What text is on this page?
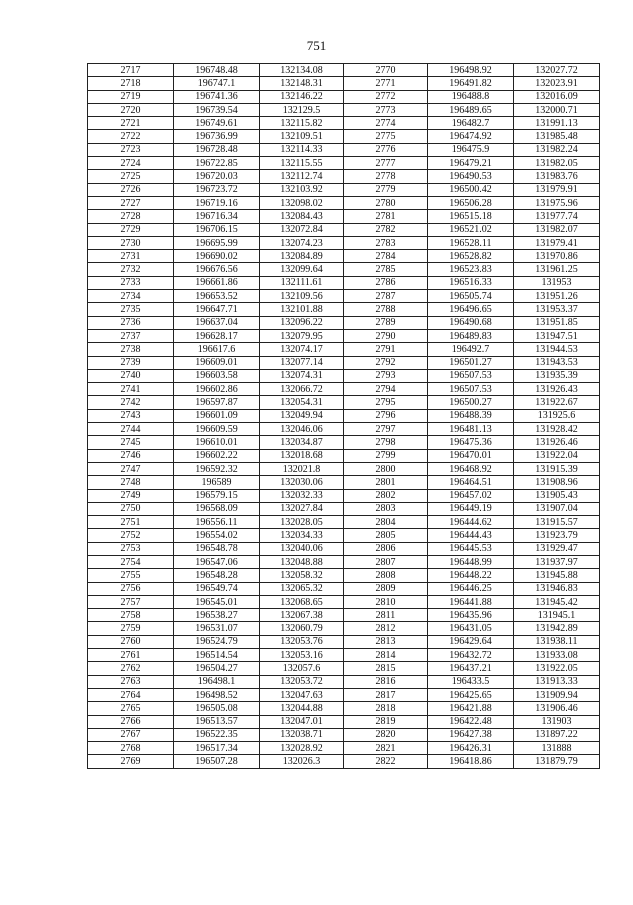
751
2717	196748.48	132134.08	2770	196498.92	132027.72
2718	196747.1	132148.31	2771	196491.82	132023.91
2719	196741.36	132146.22	2772	196488.8	132016.09
2720	196739.54	132129.5	2773	196489.65	132000.71
2721	196749.61	132115.82	2774	196482.7	131991.13
2722	196736.99	132109.51	2775	196474.92	131985.48
2723	196728.48	132114.33	2776	196475.9	131982.24
2724	196722.85	132115.55	2777	196479.21	131982.05
2725	196720.03	132112.74	2778	196490.53	131983.76
2726	196723.72	132103.92	2779	196500.42	131979.91
2727	196719.16	132098.02	2780	196506.28	131975.96
2728	196716.34	132084.43	2781	196515.18	131977.74
2729	196706.15	132072.84	2782	196521.02	131982.07
2730	196695.99	132074.23	2783	196528.11	131979.41
2731	196690.02	132084.89	2784	196528.82	131970.86
2732	196676.56	132099.64	2785	196523.83	131961.25
2733	196661.86	132111.61	2786	196516.33	131953
2734	196653.52	132109.56	2787	196505.74	131951.26
2735	196647.71	132101.88	2788	196496.65	131953.37
2736	196637.04	132096.22	2789	196490.68	131951.85
2737	196628.17	132079.95	2790	196489.83	131947.51
2738	196617.6	132074.17	2791	196492.7	131944.53
2739	196609.01	132077.14	2792	196501.27	131943.53
2740	196603.58	132074.31	2793	196507.53	131935.39
2741	196602.86	132066.72	2794	196507.53	131926.43
2742	196597.87	132054.31	2795	196500.27	131922.67
2743	196601.09	132049.94	2796	196488.39	131925.6
2744	196609.59	132046.06	2797	196481.13	131928.42
2745	196610.01	132034.87	2798	196475.36	131926.46
2746	196602.22	132018.68	2799	196470.01	131922.04
2747	196592.32	132021.8	2800	196468.92	131915.39
2748	196589	132030.06	2801	196464.51	131908.96
2749	196579.15	132032.33	2802	196457.02	131905.43
2750	196568.09	132027.84	2803	196449.19	131907.04
2751	196556.11	132028.05	2804	196444.62	131915.57
2752	196554.02	132034.33	2805	196444.43	131923.79
2753	196548.78	132040.06	2806	196445.53	131929.47
2754	196547.06	132048.88	2807	196448.99	131937.97
2755	196548.28	132058.32	2808	196448.22	131945.88
2756	196549.74	132065.32	2809	196446.25	131946.83
2757	196545.01	132068.65	2810	196441.88	131945.42
2758	196538.27	132067.38	2811	196435.96	131945.1
2759	196531.07	132060.79	2812	196431.05	131942.89
2760	196524.79	132053.76	2813	196429.64	131938.11
2761	196514.54	132053.16	2814	196432.72	131933.08
2762	196504.27	132057.6	2815	196437.21	131922.05
2763	196498.1	132053.72	2816	196433.5	131913.33
2764	196498.52	132047.63	2817	196425.65	131909.94
2765	196505.08	132044.88	2818	196421.88	131906.46
2766	196513.57	132047.01	2819	196422.48	131903
2767	196522.35	132038.71	2820	196427.38	131897.22
2768	196517.34	132028.92	2821	196426.31	131888
2769	196507.28	132026.3	2822	196418.86	131879.79
